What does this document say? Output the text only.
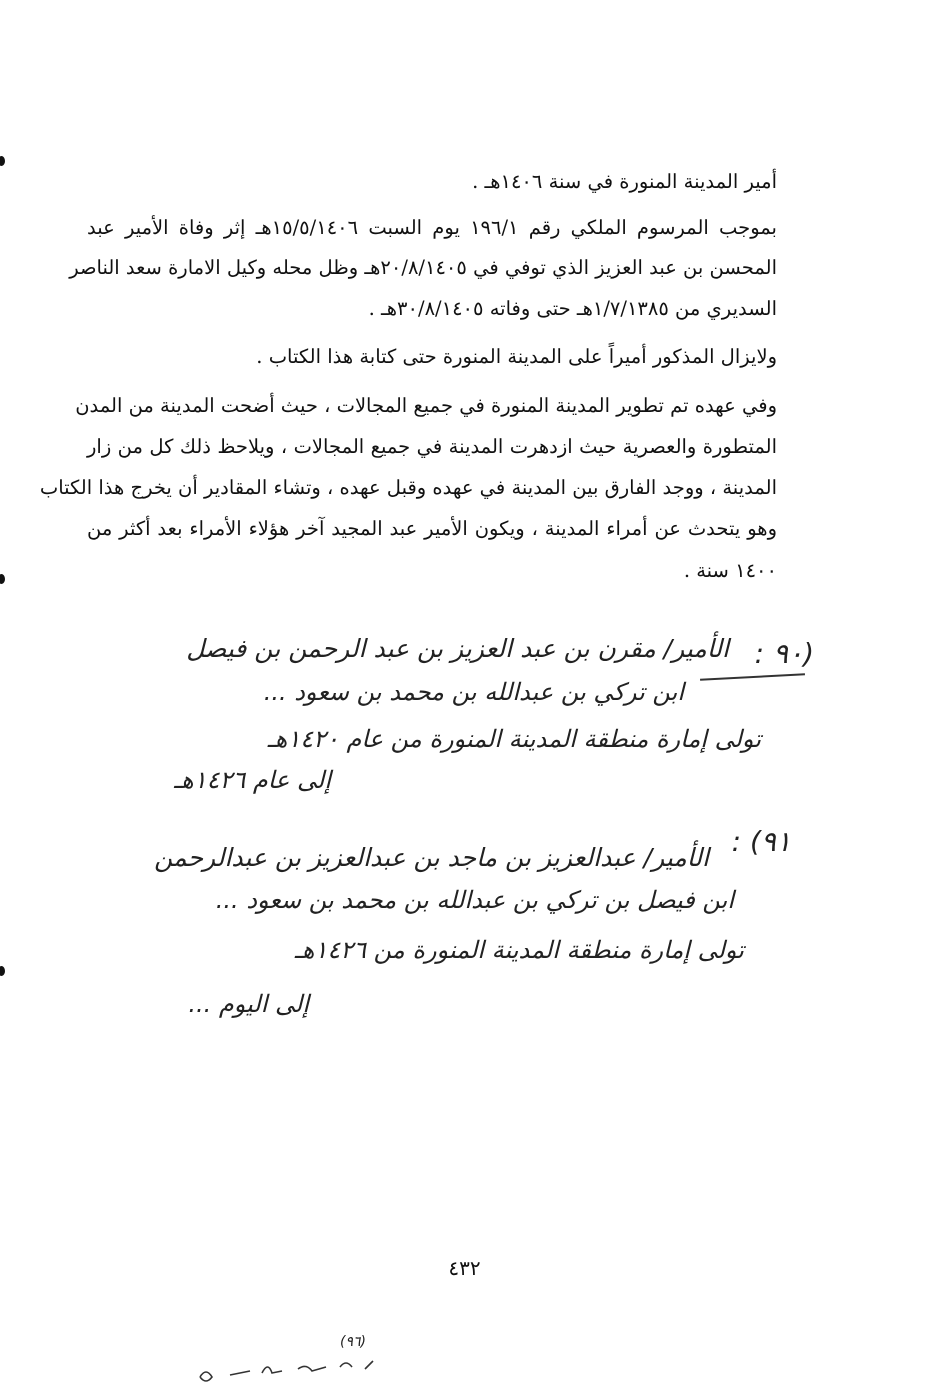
أمير المدينة المنورة في سنة ١٤٠٦هـ .
بموجب المرسوم الملكي رقم ١٩٦/١ يوم السبت ١٥/٥/١٤٠٦هـ إثر وفاة الأمير عبد
المحسن بن عبد العزيز الذي توفي في ٢٠/٨/١٤٠٥هـ وظل محله وكيل الامارة سعد الناصر
السديري من ١/٧/١٣٨٥هـ حتى وفاته ٣٠/٨/١٤٠٥هـ .
ولايزال المذكور أميراً على المدينة المنورة حتى كتابة هذا الكتاب .
وفي عهده تم تطوير المدينة المنورة في جميع المجالات ، حيث أضحت المدينة من المدن
المتطورة والعصرية حيث ازدهرت المدينة في جميع المجالات ، ويلاحظ ذلك كل من زار
المدينة ، ووجد الفارق بين المدينة في عهده وقبل عهده ، وتشاء المقادير أن يخرج هذا الكتاب
وهو يتحدث عن أمراء المدينة ، ويكون الأمير عبد المجيد آخر هؤلاء الأمراء بعد أكثر من
١٤٠٠ سنة .
(٩٠ :
الأمير/ مقرن بن عبد العزيز بن عبد الرحمن بن فيصل
ابن تركي بن عبدالله بن محمد بن سعود ...
تولى إمارة منطقة المدينة المنورة من عام ١٤٢٠هـ
إلى عام ١٤٢٦هـ
٩١) :
الأمير/ عبدالعزيز بن ماجد بن عبدالعزيز بن عبدالرحمن
ابن فيصل بن تركي بن عبدالله بن محمد بن سعود ...
تولى إمارة منطقة المدينة المنورة من ١٤٢٦هـ
إلى اليوم ...
٤٣٢
(٩٦)
